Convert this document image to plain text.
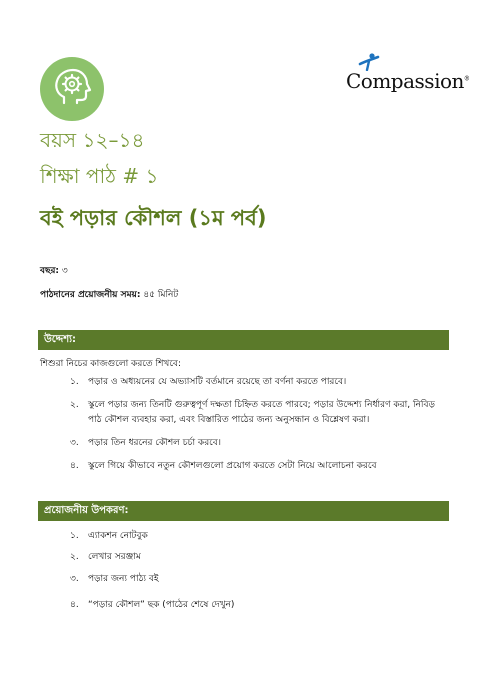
Compassion®
বয়স ১২–১৪
শিক্ষা পাঠ # ১
বই পড়ার কৌশল (১ম পর্ব)
বছর: ৩
পাঠদানের প্রয়োজনীয় সময়: ৪৫ মিনিট
উদ্দেশ্য:
শিশুরা নিচের কাজগুলো করতে শিখবে:
১. পড়ার ও অধ্যয়নের যে অভ্যাসটি বর্তমানে রয়েছে তা বর্ণনা করতে পারবে।
২. স্কুলে পড়ার জন্য তিনটি গুরুত্বপূর্ণ দক্ষতা চিহ্নিত করতে পারবে; পড়ার উদ্দেশ্য নির্ধারণ করা, নিবিড় পাঠ কৌশল ব্যবহার করা, এবং বিস্তারিত পাঠের জন্য অনুসন্ধান ও বিশ্লেষণ করা।
৩. পড়ার তিন ধরনের কৌশল চর্চা করবে।
৪. স্কুলে গিয়ে কীভাবে নতুন কৌশলগুলো প্রয়োগ করতে সেটা নিয়ে আলোচনা করবে
প্রয়োজনীয় উপকরণ:
১. এ্যাকশন নোটবুক
২. লেখার সরঞ্জাম
৩. পড়ার জন্য পাঠ্য বই
৪. “পড়ার কৌশল” ছক (পাঠের শেষে দেখুন)
